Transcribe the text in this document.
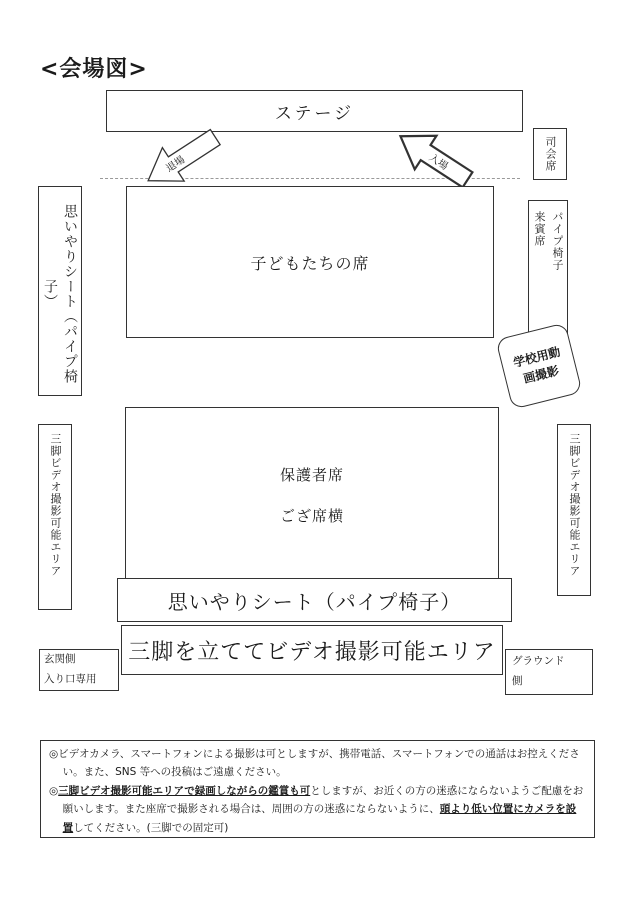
<会場図>
ステージ
司会席
退場	入場
子どもたちの席
思いやりシート（パイプ椅子）
来賓席 パイプ椅子
学校用動
画撮影
保護者席
ござ席横
三脚ビデオ撮影可能エリア	三脚ビデオ撮影可能エリア
思いやりシート（パイプ椅子）
三脚を立ててビデオ撮影可能エリア
玄関側
入り口専用
グラウンド
側

◎ビデオカメラ、スマートフォンによる撮影は可としますが、携帯電話、スマートフォンでの通話はお控えください。また、SNS 等への投稿はご遠慮ください。

◎三脚ビデオ撮影可能エリアで録画しながらの鑑賞も可としますが、お近くの方の迷惑にならないようご配慮をお願いします。また座席で撮影される場合は、周囲の方の迷惑にならないように、頭より低い位置にカメラを設置してください。(三脚での固定可)
